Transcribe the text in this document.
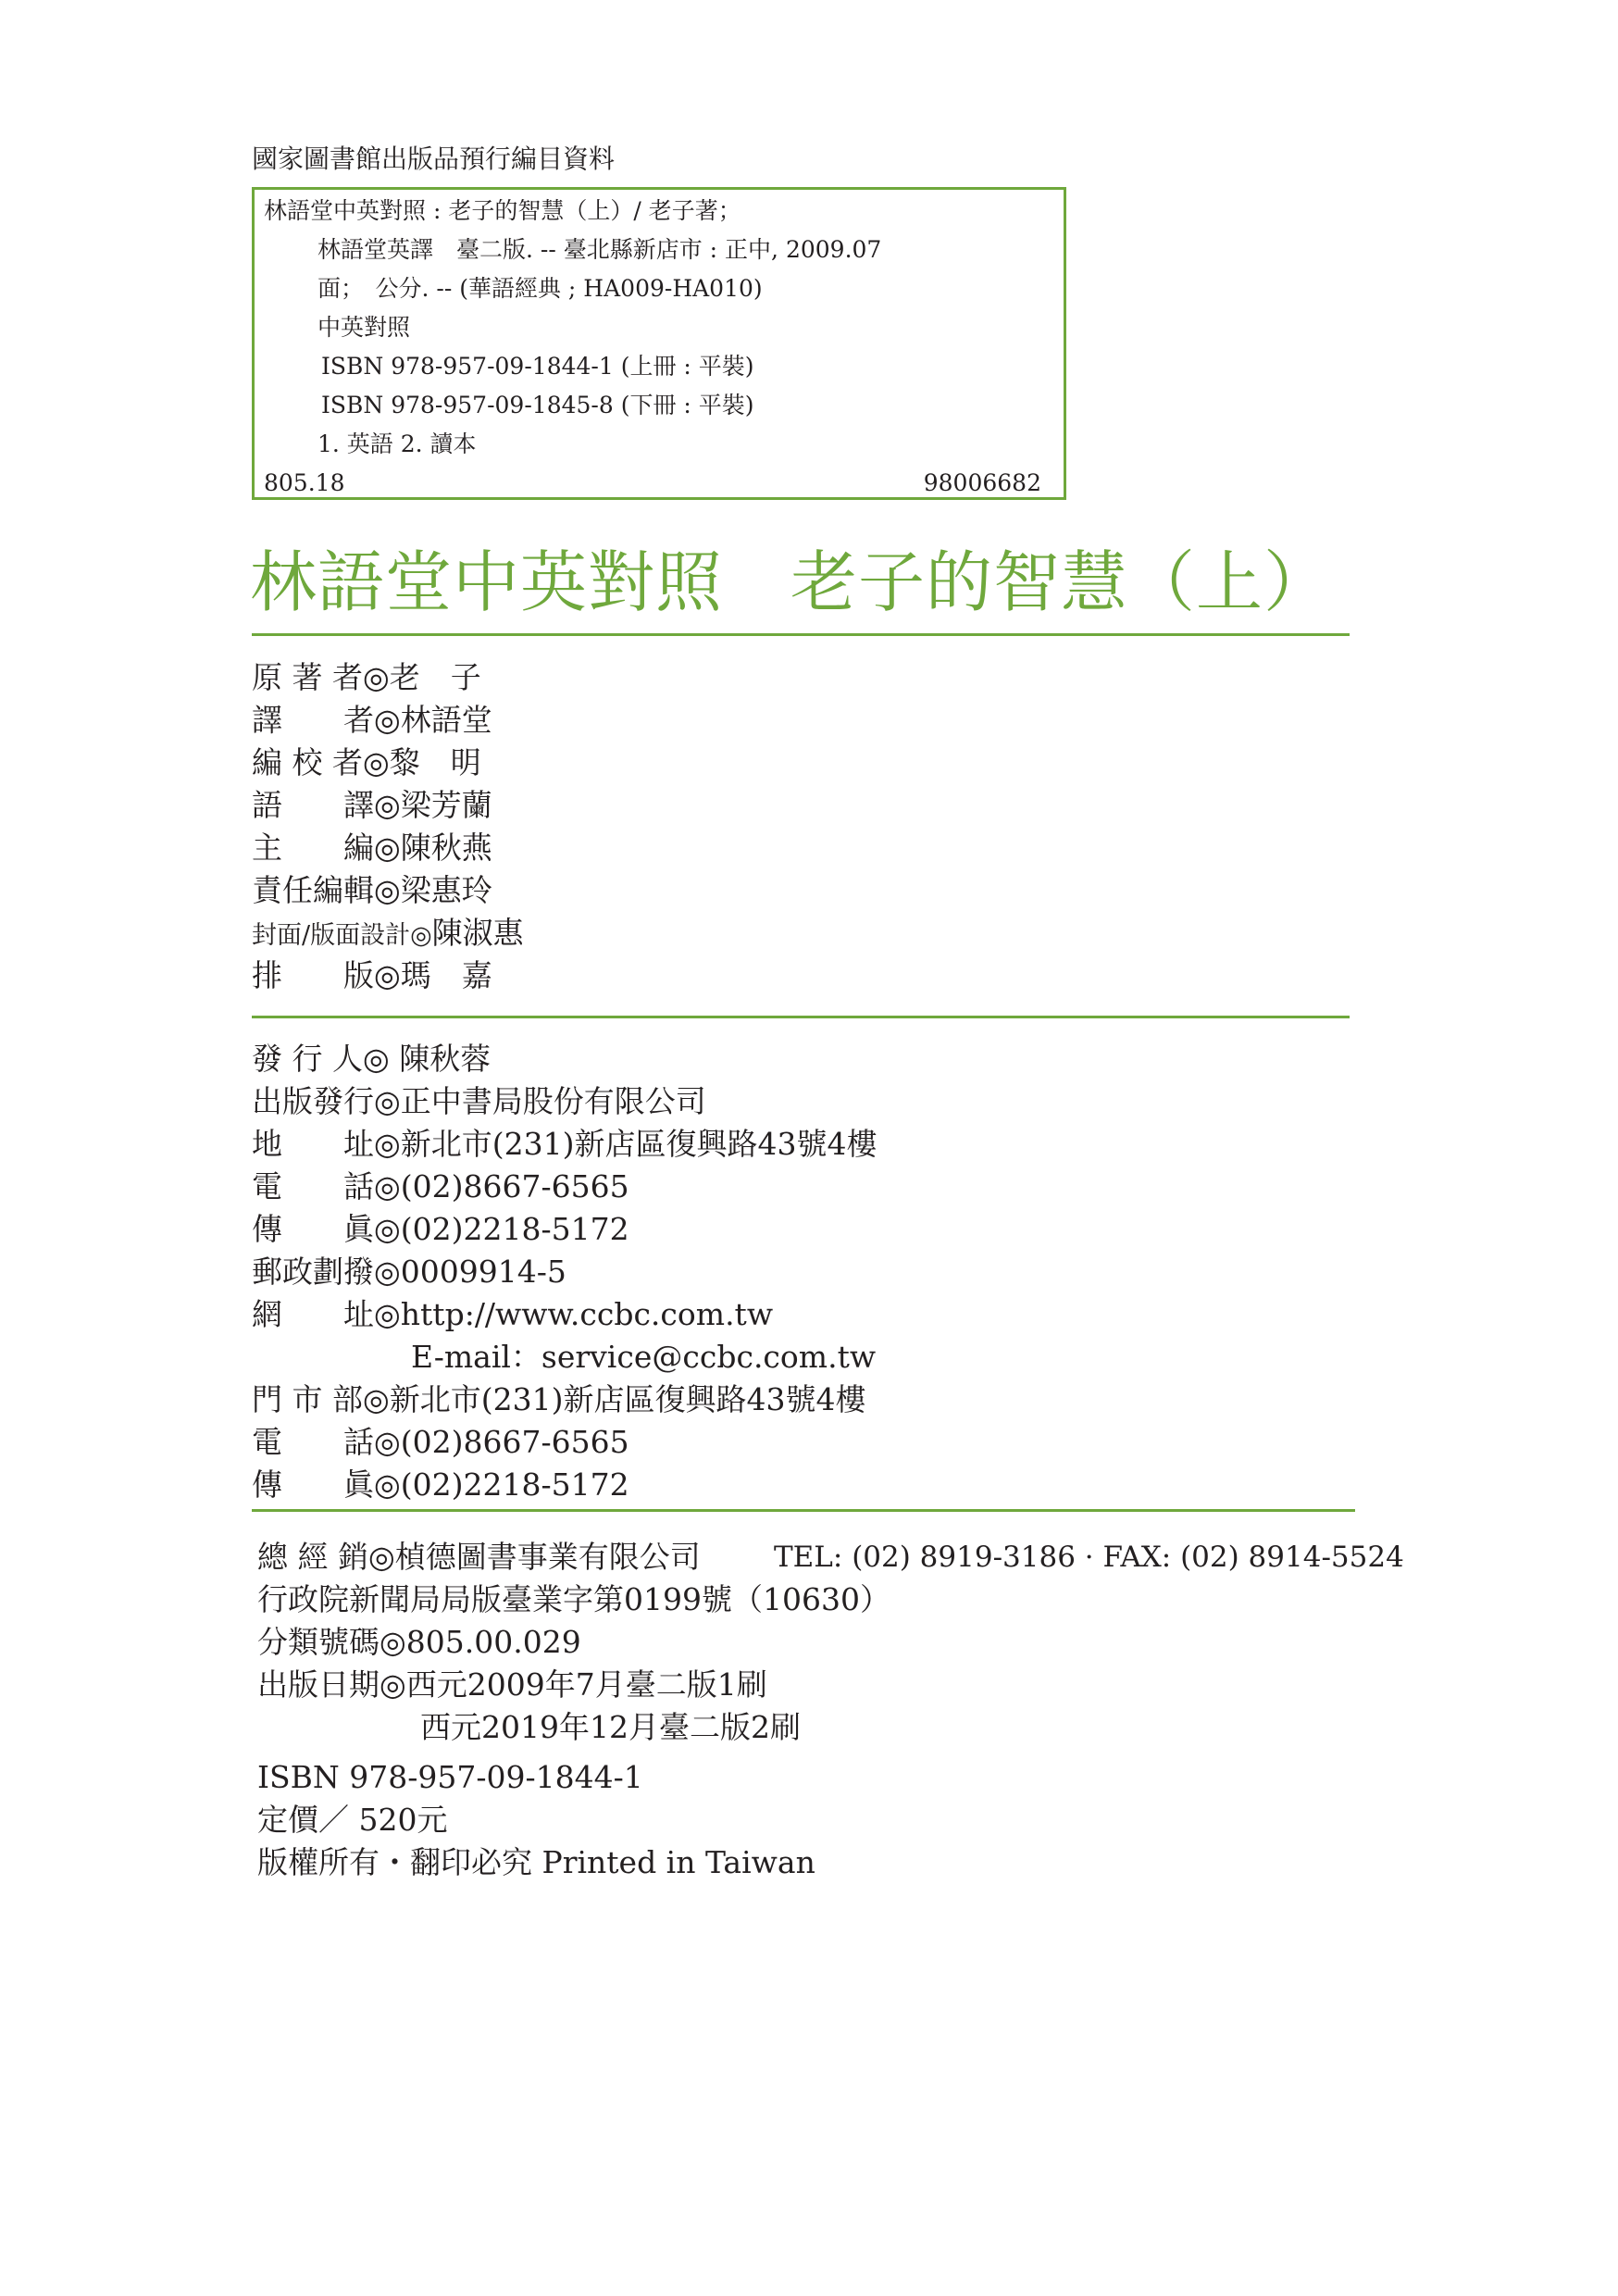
國家圖書館出版品預行編目資料
林語堂中英對照 : 老子的智慧（上）/ 老子著；
林語堂英譯　臺二版. -- 臺北縣新店市 : 正中, 2009.07
面；　公分. -- (華語經典 ; HA009-HA010)
中英對照
ISBN 978-957-09-1844-1 (上冊 : 平裝)
ISBN 978-957-09-1845-8 (下冊 : 平裝)
1. 英語 2. 讀本
805.18	98006682
林語堂中英對照　老子的智慧（上）
原 著 者◎老　子
譯　　者◎林語堂
編 校 者◎黎　明
語　　譯◎梁芳蘭
主　　編◎陳秋燕
責任編輯◎梁惠玲
封面/版面設計◎陳淑惠
排　　版◎瑪　嘉
發 行 人◎ 陳秋蓉
出版發行◎正中書局股份有限公司
地　　址◎新北市(231)新店區復興路43號4樓
電　　話◎(02)8667-6565
傳　　眞◎(02)2218-5172
郵政劃撥◎0009914-5
網　　址◎http://www.ccbc.com.tw
E-mail：service@ccbc.com.tw
門 市 部◎新北市(231)新店區復興路43號4樓
電　　話◎(02)8667-6565
傳　　眞◎(02)2218-5172
總 經 銷◎楨德圖書事業有限公司	TEL: (02) 8919-3186 · FAX: (02) 8914-5524
行政院新聞局局版臺業字第0199號（10630）
分類號碼◎805.00.029
出版日期◎西元2009年7月臺二版1刷
西元2019年12月臺二版2刷
ISBN 978-957-09-1844-1
定價／ 520元
版權所有・翻印必究 Printed in Taiwan
